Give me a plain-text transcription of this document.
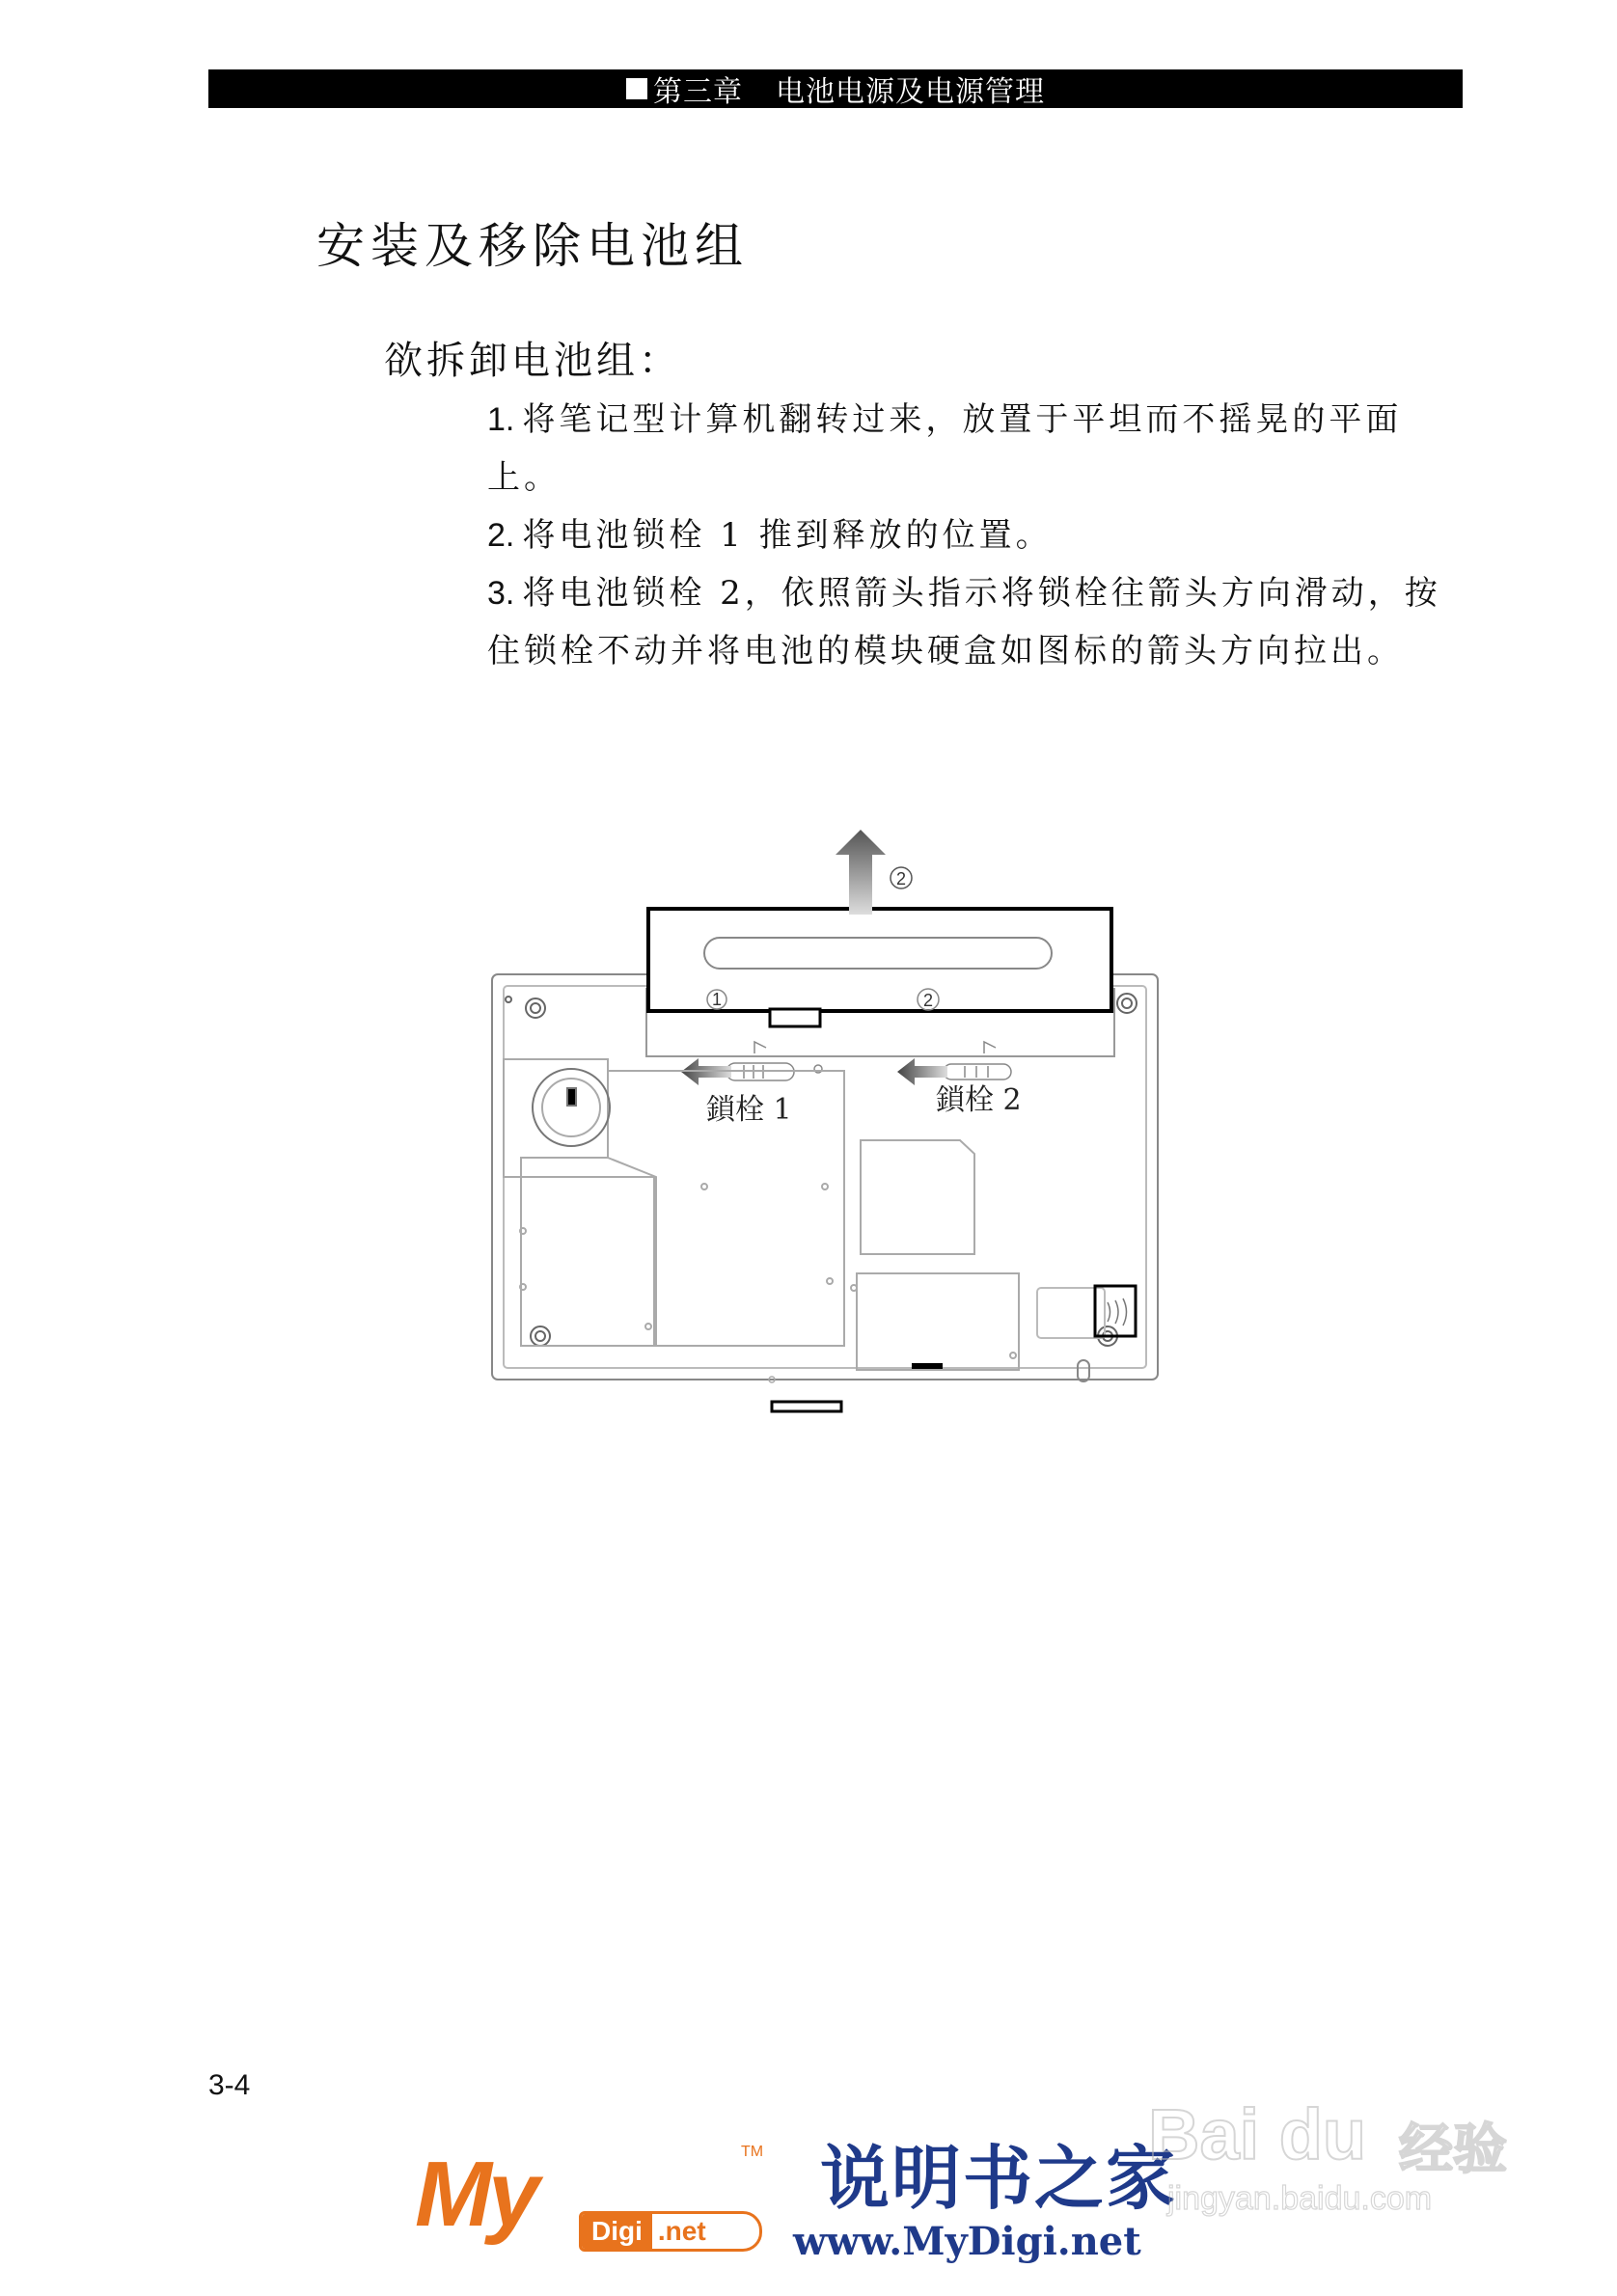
第三章 电池电源及电源管理
安装及移除电池组
欲拆卸电池组：

1. 将笔记型计算机翻转过来，放置于平坦而不摇晃的平面上。

2. 将电池锁栓 1 推到释放的位置。

3. 将电池锁栓 2，依照箭头指示将锁栓往箭头方向滑动，按住锁栓不动并将电池的模块硬盒如图标的箭头方向拉出。

2
1
鎖栓 1
2
鎖栓 2
3-4
My	TM
Digi .net
说明书之家
www.MyDigi.net
Bai du 经验
jingyan.baidu.com
